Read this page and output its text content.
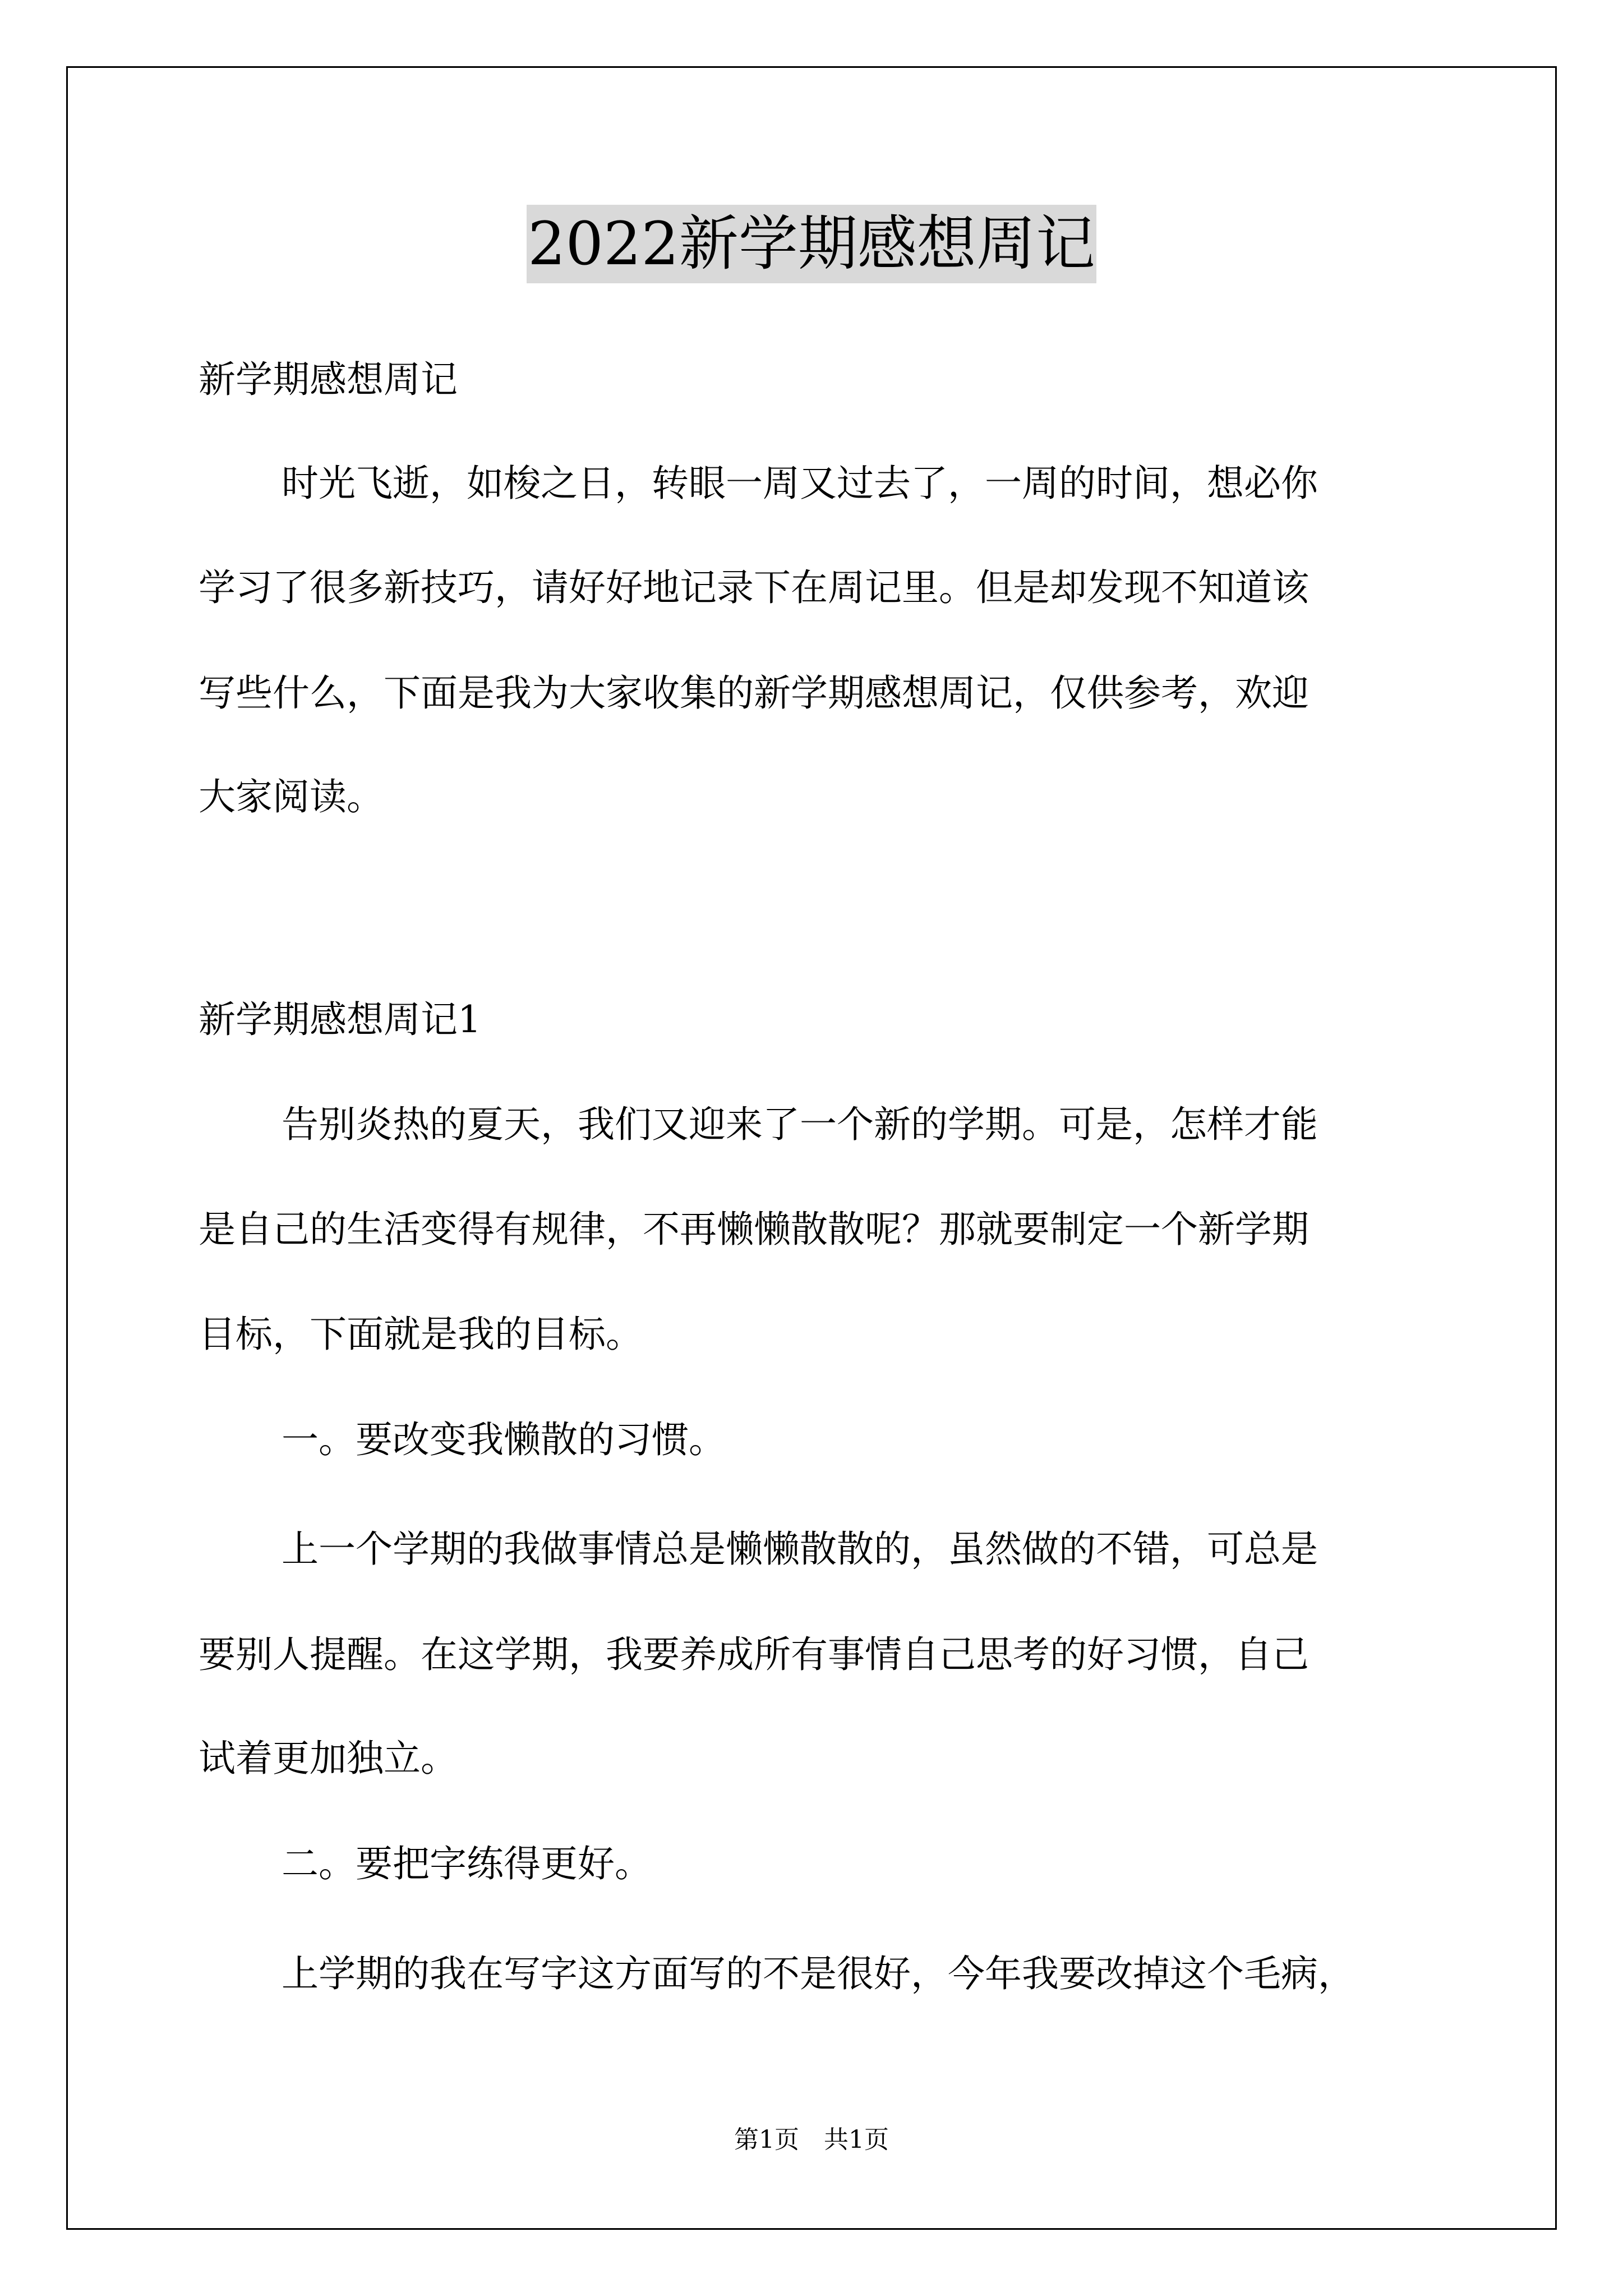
2022新学期感想周记
新学期感想周记
时光飞逝，如梭之日，转眼一周又过去了，一周的时间，想必你
学习了很多新技巧，请好好地记录下在周记里。但是却发现不知道该
写些什么，下面是我为大家收集的新学期感想周记，仅供参考，欢迎
大家阅读。
新学期感想周记1
告别炎热的夏天，我们又迎来了一个新的学期。可是，怎样才能
是自己的生活变得有规律，不再懒懒散散呢？那就要制定一个新学期
目标，下面就是我的目标。
一。要改变我懒散的习惯。
上一个学期的我做事情总是懒懒散散的，虽然做的不错，可总是
要别人提醒。在这学期，我要养成所有事情自己思考的好习惯，自己
试着更加独立。
二。要把字练得更好。
上学期的我在写字这方面写的不是很好，今年我要改掉这个毛病，
第1页　共1页
